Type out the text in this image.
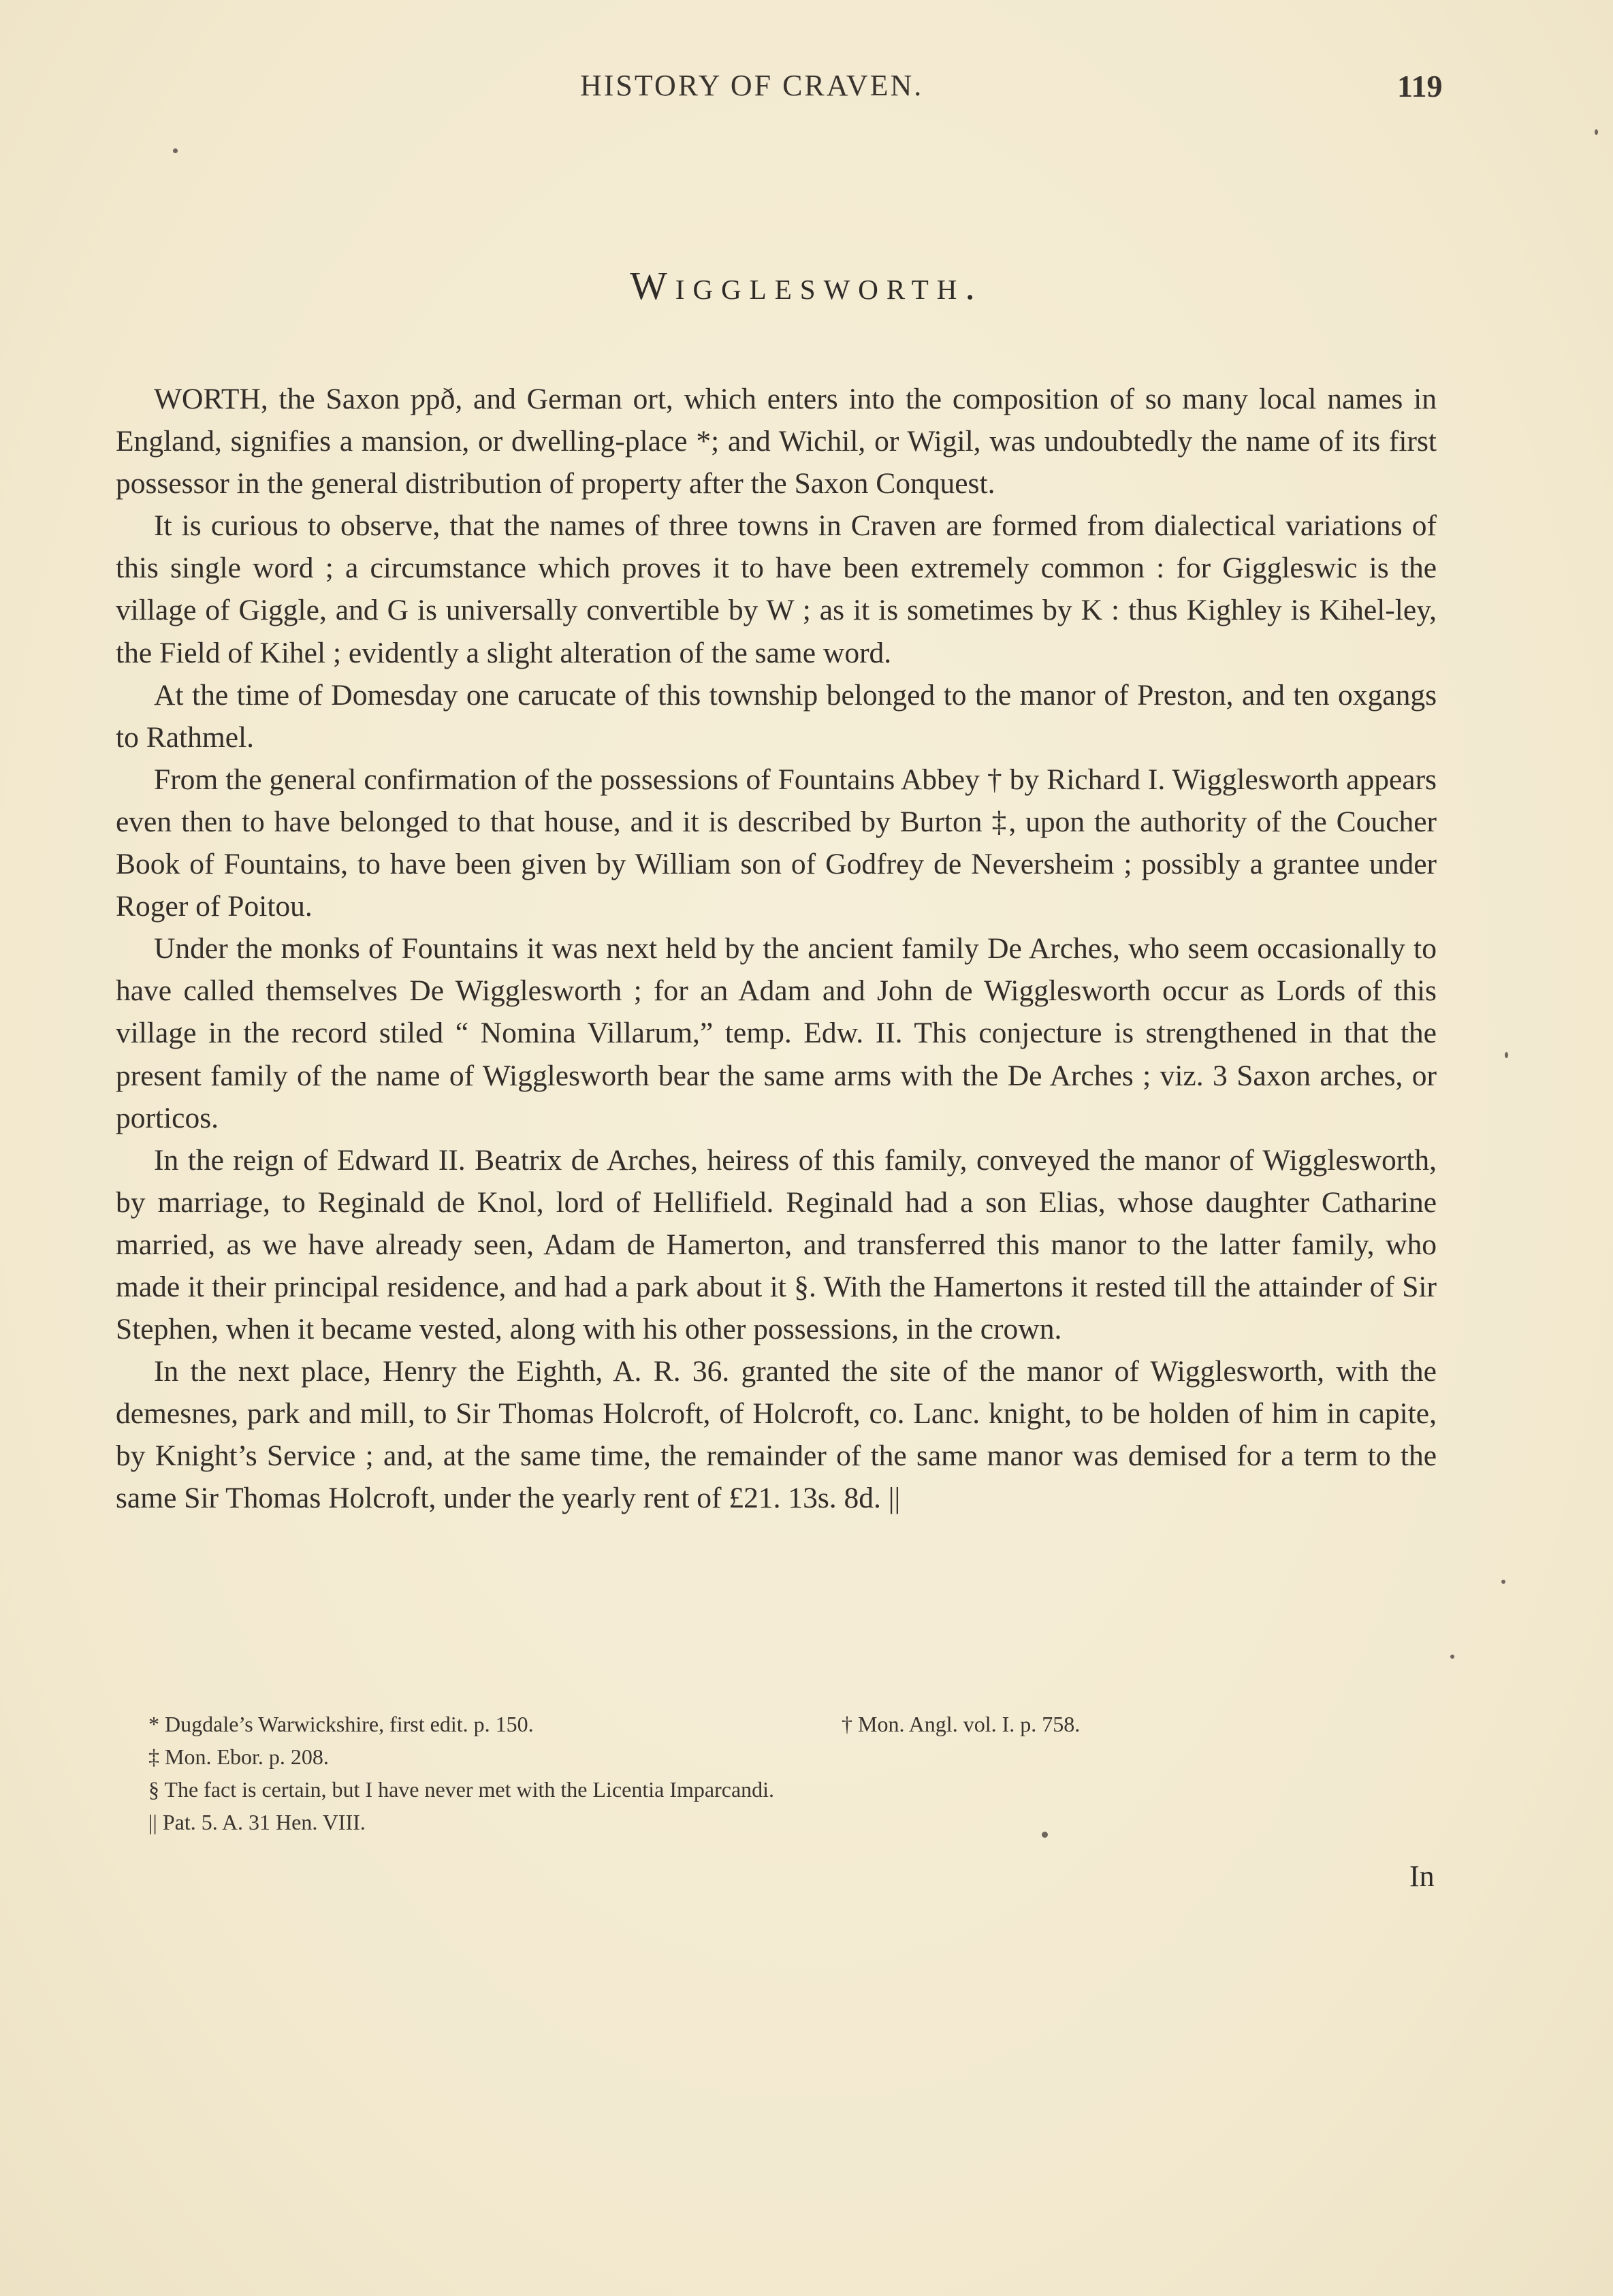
HISTORY OF CRAVEN.	119
Wigglesworth.

WORTH, the Saxon ƿpð, and German ort, which enters into the composition of so many local names in England, signifies a mansion, or dwelling-place *; and Wichil, or Wigil, was undoubtedly the name of its first possessor in the general distribution of property after the Saxon Conquest.

It is curious to observe, that the names of three towns in Craven are formed from dialectical variations of this single word ; a circumstance which proves it to have been extremely common : for Giggleswic is the village of Giggle, and G is universally convertible by W ; as it is sometimes by K : thus Kighley is Kihel-ley, the Field of Kihel ; evidently a slight alteration of the same word.

At the time of Domesday one carucate of this township belonged to the manor of Preston, and ten oxgangs to Rathmel.

From the general confirmation of the possessions of Fountains Abbey † by Richard I. Wigglesworth appears even then to have belonged to that house, and it is described by Burton ‡, upon the authority of the Coucher Book of Fountains, to have been given by William son of Godfrey de Neversheim ; possibly a grantee under Roger of Poitou.

Under the monks of Fountains it was next held by the ancient family De Arches, who seem occasionally to have called themselves De Wigglesworth ; for an Adam and John de Wigglesworth occur as Lords of this village in the record stiled “ Nomina Villarum,” temp. Edw. II. This conjecture is strengthened in that the present family of the name of Wigglesworth bear the same arms with the De Arches ; viz. 3 Saxon arches, or porticos.

In the reign of Edward II. Beatrix de Arches, heiress of this family, conveyed the manor of Wigglesworth, by marriage, to Reginald de Knol, lord of Hellifield. Reginald had a son Elias, whose daughter Catharine married, as we have already seen, Adam de Hamerton, and transferred this manor to the latter family, who made it their principal residence, and had a park about it §. With the Hamertons it rested till the attainder of Sir Stephen, when it became vested, along with his other possessions, in the crown.

In the next place, Henry the Eighth, A. R. 36. granted the site of the manor of Wigglesworth, with the demesnes, park and mill, to Sir Thomas Holcroft, of Holcroft, co. Lanc. knight, to be holden of him in capite, by Knight’s Service ; and, at the same time, the remainder of the same manor was demised for a term to the same Sir Thomas Holcroft, under the yearly rent of £21. 13s. 8d. ||

* Dugdale’s Warwickshire, first edit. p. 150.	† Mon. Angl. vol. I. p. 758.
‡ Mon. Ebor. p. 208.
§ The fact is certain, but I have never met with the Licentia Imparcandi.
|| Pat. 5. A. 31 Hen. VIII.
In
